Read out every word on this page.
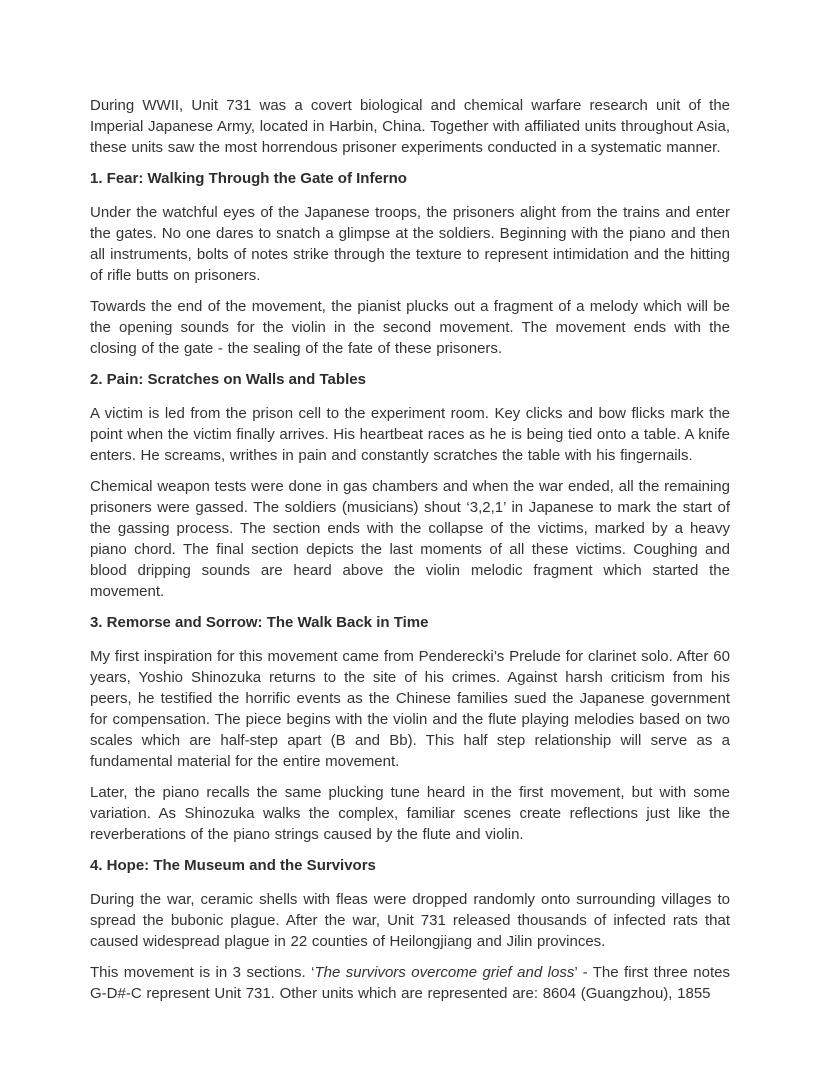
During WWII, Unit 731 was a covert biological and chemical warfare research unit of the Imperial Japanese Army, located in Harbin, China. Together with affiliated units throughout Asia, these units saw the most horrendous prisoner experiments conducted in a systematic manner.

1. Fear: Walking Through the Gate of Inferno

Under the watchful eyes of the Japanese troops, the prisoners alight from the trains and enter the gates. No one dares to snatch a glimpse at the soldiers. Beginning with the piano and then all instruments, bolts of notes strike through the texture to represent intimidation and the hitting of rifle butts on prisoners.

Towards the end of the movement, the pianist plucks out a fragment of a melody which will be the opening sounds for the violin in the second movement. The movement ends with the closing of the gate - the sealing of the fate of these prisoners.

2. Pain: Scratches on Walls and Tables

A victim is led from the prison cell to the experiment room. Key clicks and bow flicks mark the point when the victim finally arrives. His heartbeat races as he is being tied onto a table. A knife enters. He screams, writhes in pain and constantly scratches the table with his fingernails.

Chemical weapon tests were done in gas chambers and when the war ended, all the remaining prisoners were gassed. The soldiers (musicians) shout ‘3,2,1’ in Japanese to mark the start of the gassing process. The section ends with the collapse of the victims, marked by a heavy piano chord. The final section depicts the last moments of all these victims. Coughing and blood dripping sounds are heard above the violin melodic fragment which started the movement.

3. Remorse and Sorrow: The Walk Back in Time

My first inspiration for this movement came from Penderecki’s Prelude for clarinet solo. After 60 years, Yoshio Shinozuka returns to the site of his crimes. Against harsh criticism from his peers, he testified the horrific events as the Chinese families sued the Japanese government for compensation. The piece begins with the violin and the flute playing melodies based on two scales which are half-step apart (B and Bb). This half step relationship will serve as a fundamental material for the entire movement.

Later, the piano recalls the same plucking tune heard in the first movement, but with some variation. As Shinozuka walks the complex, familiar scenes create reflections just like the reverberations of the piano strings caused by the flute and violin.

4. Hope: The Museum and the Survivors

During the war, ceramic shells with fleas were dropped randomly onto surrounding villages to spread the bubonic plague. After the war, Unit 731 released thousands of infected rats that caused widespread plague in 22 counties of Heilongjiang and Jilin provinces.

This movement is in 3 sections. ‘The survivors overcome grief and loss’ - The first three notes G-D#-C represent Unit 731. Other units which are represented are: 8604 (Guangzhou), 1855
